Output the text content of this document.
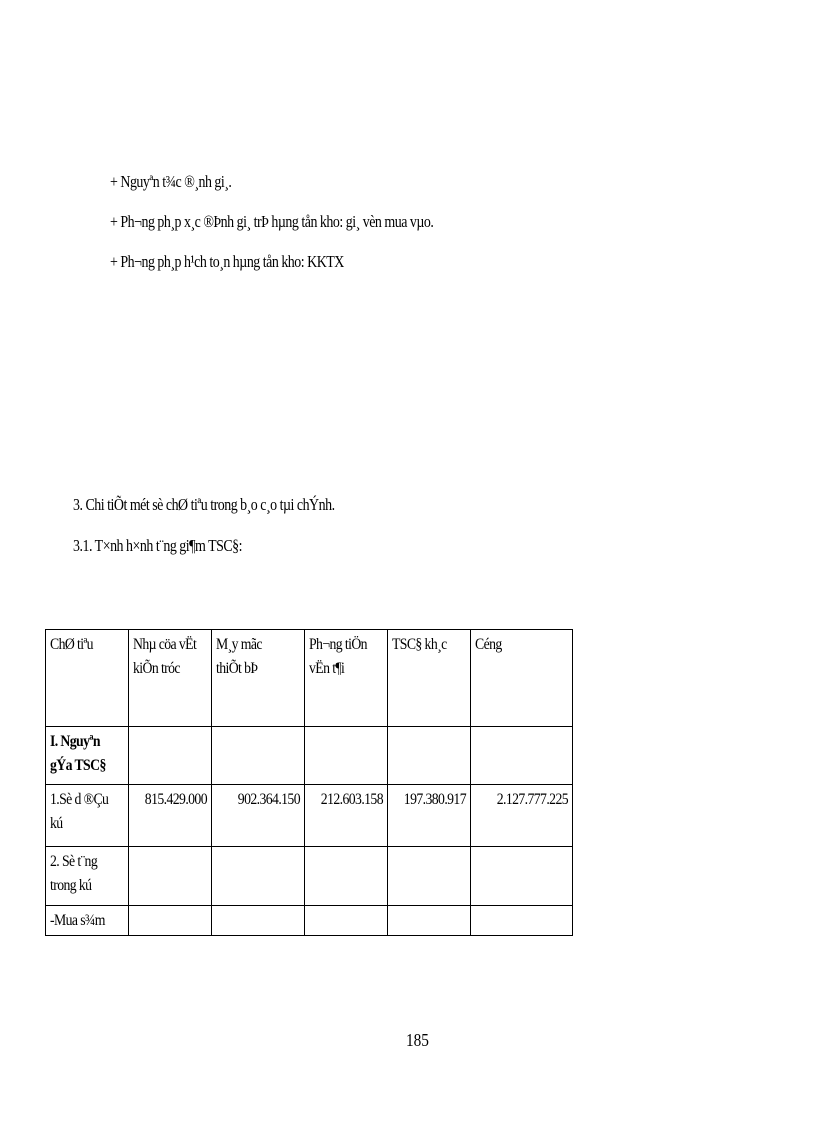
+ Nguyªn t¾c ®¸nh gi¸.
+ Ph¬ng ph¸p x¸c ®Þnh gi¸ trÞ hµng tån kho: gi¸ vèn mua vµo.
+ Ph¬ng ph¸p h¹ch to¸n hµng tån kho: KKTX
3. Chi tiÕt mét sè chØ tiªu trong b¸o c¸o tµi chÝnh.
3.1. T×nh h×nh t¨ng gi¶m TSC§:
ChØ tiªu	Nhµ cöa vËt kiÕn tróc	M¸y mãc thiÕt bÞ	Ph¬ng tiÖn vËn t¶i	TSC§ kh¸c	Céng

I. Nguyªn gÝa TSC§					

1.Sè d ®Çu kú	815.429.000	902.364.150	212.603.158	197.380.917	2.127.777.225

2. Sè t¨ng trong kú					

-Mua s¾m					

185
